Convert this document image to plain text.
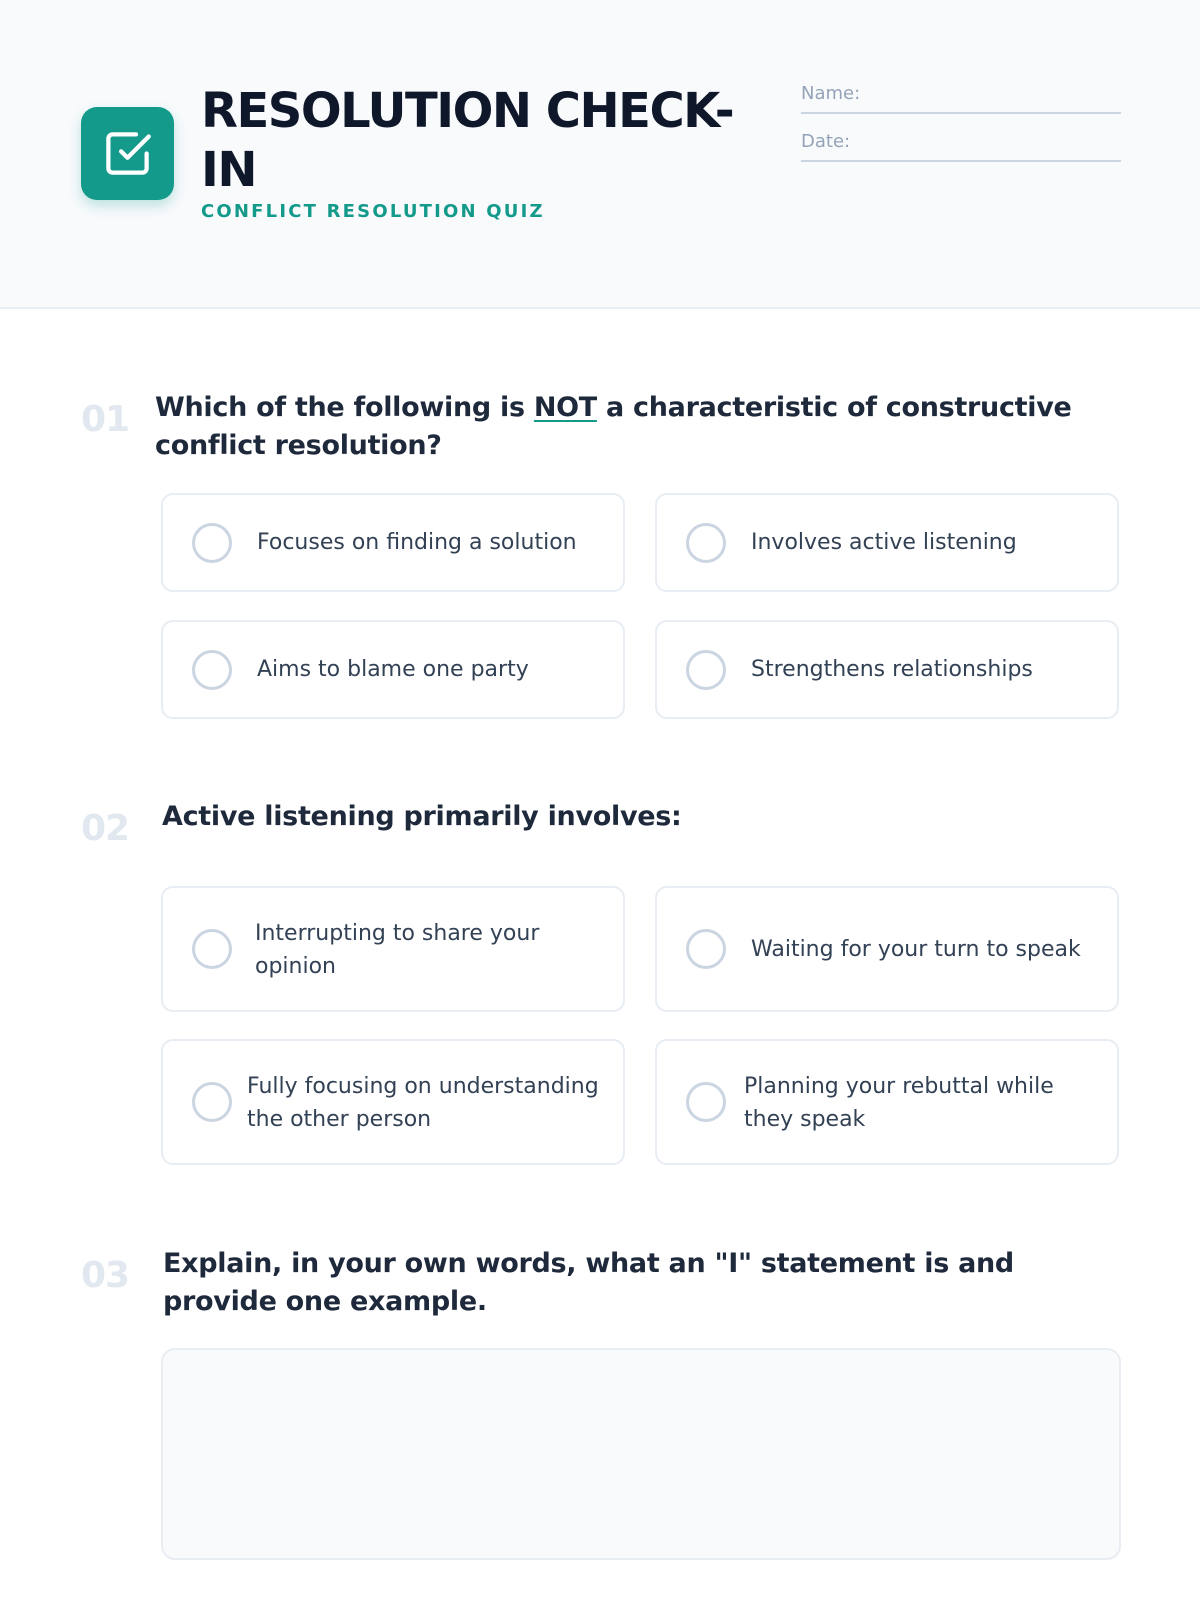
RESOLUTION CHECK-IN
CONFLICT RESOLUTION QUIZ
Name:
Date:
01 Which of the following is NOT a characteristic of constructive conflict resolution?
Focuses on finding a solution	Involves active listening
Aims to blame one party	Strengthens relationships
02 Active listening primarily involves:
Interrupting to share your opinion
Waiting for your turn to speak
Fully focusing on understanding the other person
Planning your rebuttal while they speak
03 Explain, in your own words, what an "I" statement is and provide one example.
